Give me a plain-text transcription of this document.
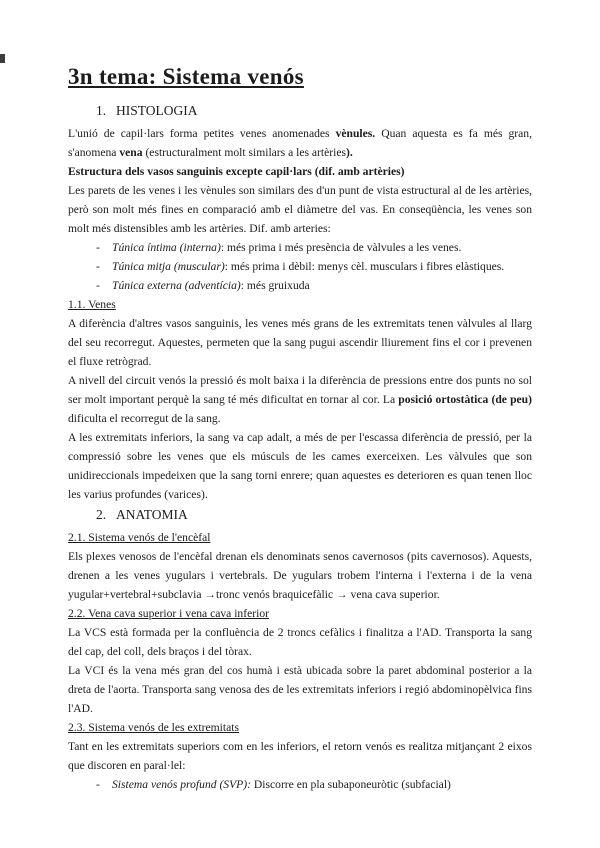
3n tema: Sistema venós
1. HISTOLOGIA

L'unió de capil·lars forma petites venes anomenades vènules. Quan aquesta es fa més gran, s'anomena vena (estructuralment molt similars a les artèries).

Estructura dels vasos sanguinis excepte capil·lars (dif. amb artèries)

Les parets de les venes i les vènules son similars des d'un punt de vista estructural al de les artèries, però son molt més fines en comparació amb el diàmetre del vas. En conseqüència, les venes son molt més distensibles amb les artèries. Dif. amb arteries:

-	Túnica íntima (interna): més prima i més presència de vàlvules a les venes.
-	Túnica mitja (muscular): més prima i dèbil: menys cèl. musculars i fibres elàstiques.
-	Túnica externa (adventícia): més gruixuda

1.1. Venes

A diferència d'altres vasos sanguinis, les venes més grans de les extremitats tenen vàlvules al llarg del seu recorregut. Aquestes, permeten que la sang pugui ascendir lliurement fins el cor i prevenen el fluxe retrògrad.

A nivell del circuit venós la pressió és molt baixa i la diferència de pressions entre dos punts no sol ser molt important perquè la sang té més dificultat en tornar al cor. La posició ortostàtica (de peu) dificulta el recorregut de la sang.

A les extremitats inferiors, la sang va cap adalt, a més de per l'escassa diferència de pressió, per la compressió sobre les venes que els músculs de les cames exerceixen. Les vàlvules que son unidireccionals impedeixen que la sang torni enrere; quan aquestes es deterioren es quan tenen lloc les varius profundes (varices).

2. ANATOMIA

2.1. Sistema venós de l'encèfal

Els plexes venosos de l'encèfal drenan els denominats senos cavernosos (pits cavernosos). Aquests, drenen a les venes yugulars i vertebrals. De yugulars trobem l'interna i l'externa i de la vena yugular+vertebral+subclavia →tronc venós braquicefàlic → vena cava superior.

2.2. Vena cava superior i vena cava inferior

La VCS està formada per la confluència de 2 troncs cefàlics i finalitza a l'AD. Transporta la sang del cap, del coll, dels braços i del tòrax.

La VCI és la vena més gran del cos humà i està ubicada sobre la paret abdominal posterior a la dreta de l'aorta. Transporta sang venosa des de les extremitats inferiors i regió abdominopèlvica fins l'AD.

2.3. Sistema venós de les extremitats

Tant en les extremitats superiors com en les inferiors, el retorn venós es realitza mitjançant 2 eixos que discoren en paral·lel:

-	Sistema venós profund (SVP): Discorre en pla subaponeuròtic (subfacial)
